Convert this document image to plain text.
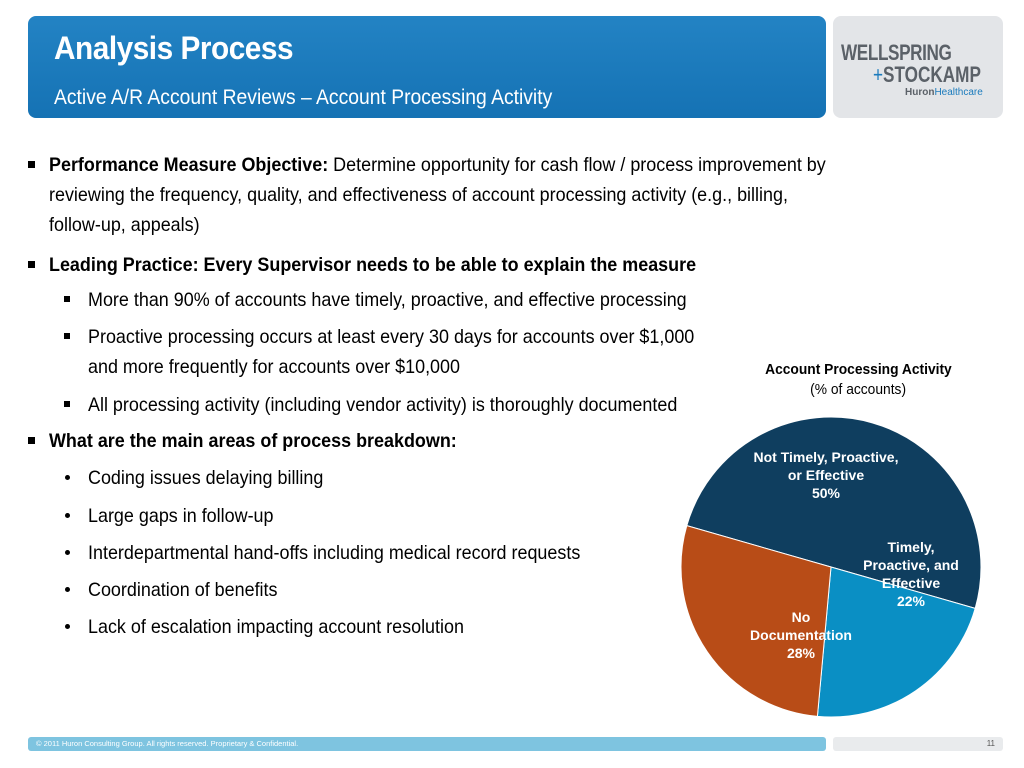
Analysis Process
Active A/R Account Reviews – Account Processing Activity
WELLSPRING
+STOCKAMP
HuronHealthcare
Performance Measure Objective: Determine opportunity for cash flow / process improvement by
reviewing the frequency, quality, and effectiveness of account processing activity (e.g., billing,
follow-up, appeals)
Leading Practice: Every Supervisor needs to be able to explain the measure
More than 90% of accounts have timely, proactive, and effective processing
Proactive processing occurs at least every 30 days for accounts over $1,000
and more frequently for accounts over $10,000
All processing activity (including vendor activity) is thoroughly documented
What are the main areas of process breakdown:
Coding issues delaying billing
Large gaps in follow-up
Interdepartmental hand-offs including medical record requests
Coordination of benefits
Lack of escalation impacting account resolution
Account Processing Activity
(% of accounts)
Not Timely, Proactive, or Effective 50%
Timely, Proactive, and Effective 22%
No Documentation 28%
© 2011 Huron Consulting Group. All rights reserved. Proprietary & Confidential.	11
